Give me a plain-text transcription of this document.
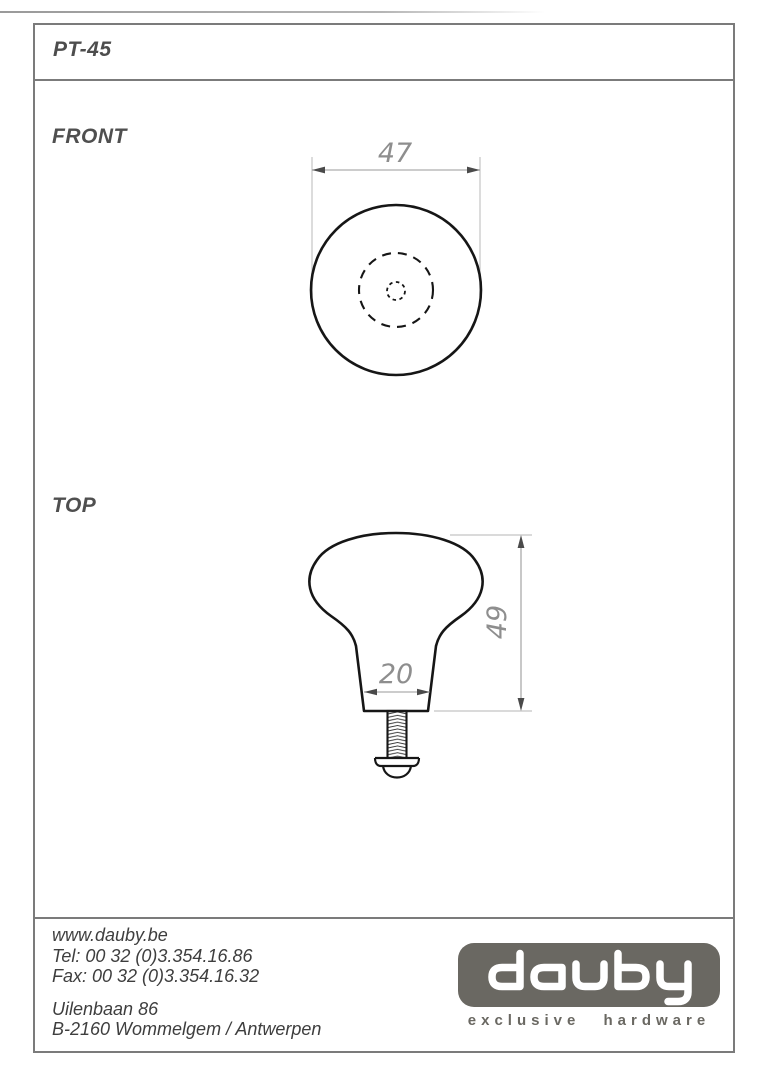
PT-45
FRONT
TOP
47
20
49
www.dauby.be
Tel: 00 32 (0)3.354.16.86
Fax: 00 32 (0)3.354.16.32
Uilenbaan 86
B-2160 Wommelgem / Antwerpen	exclusive hardware
